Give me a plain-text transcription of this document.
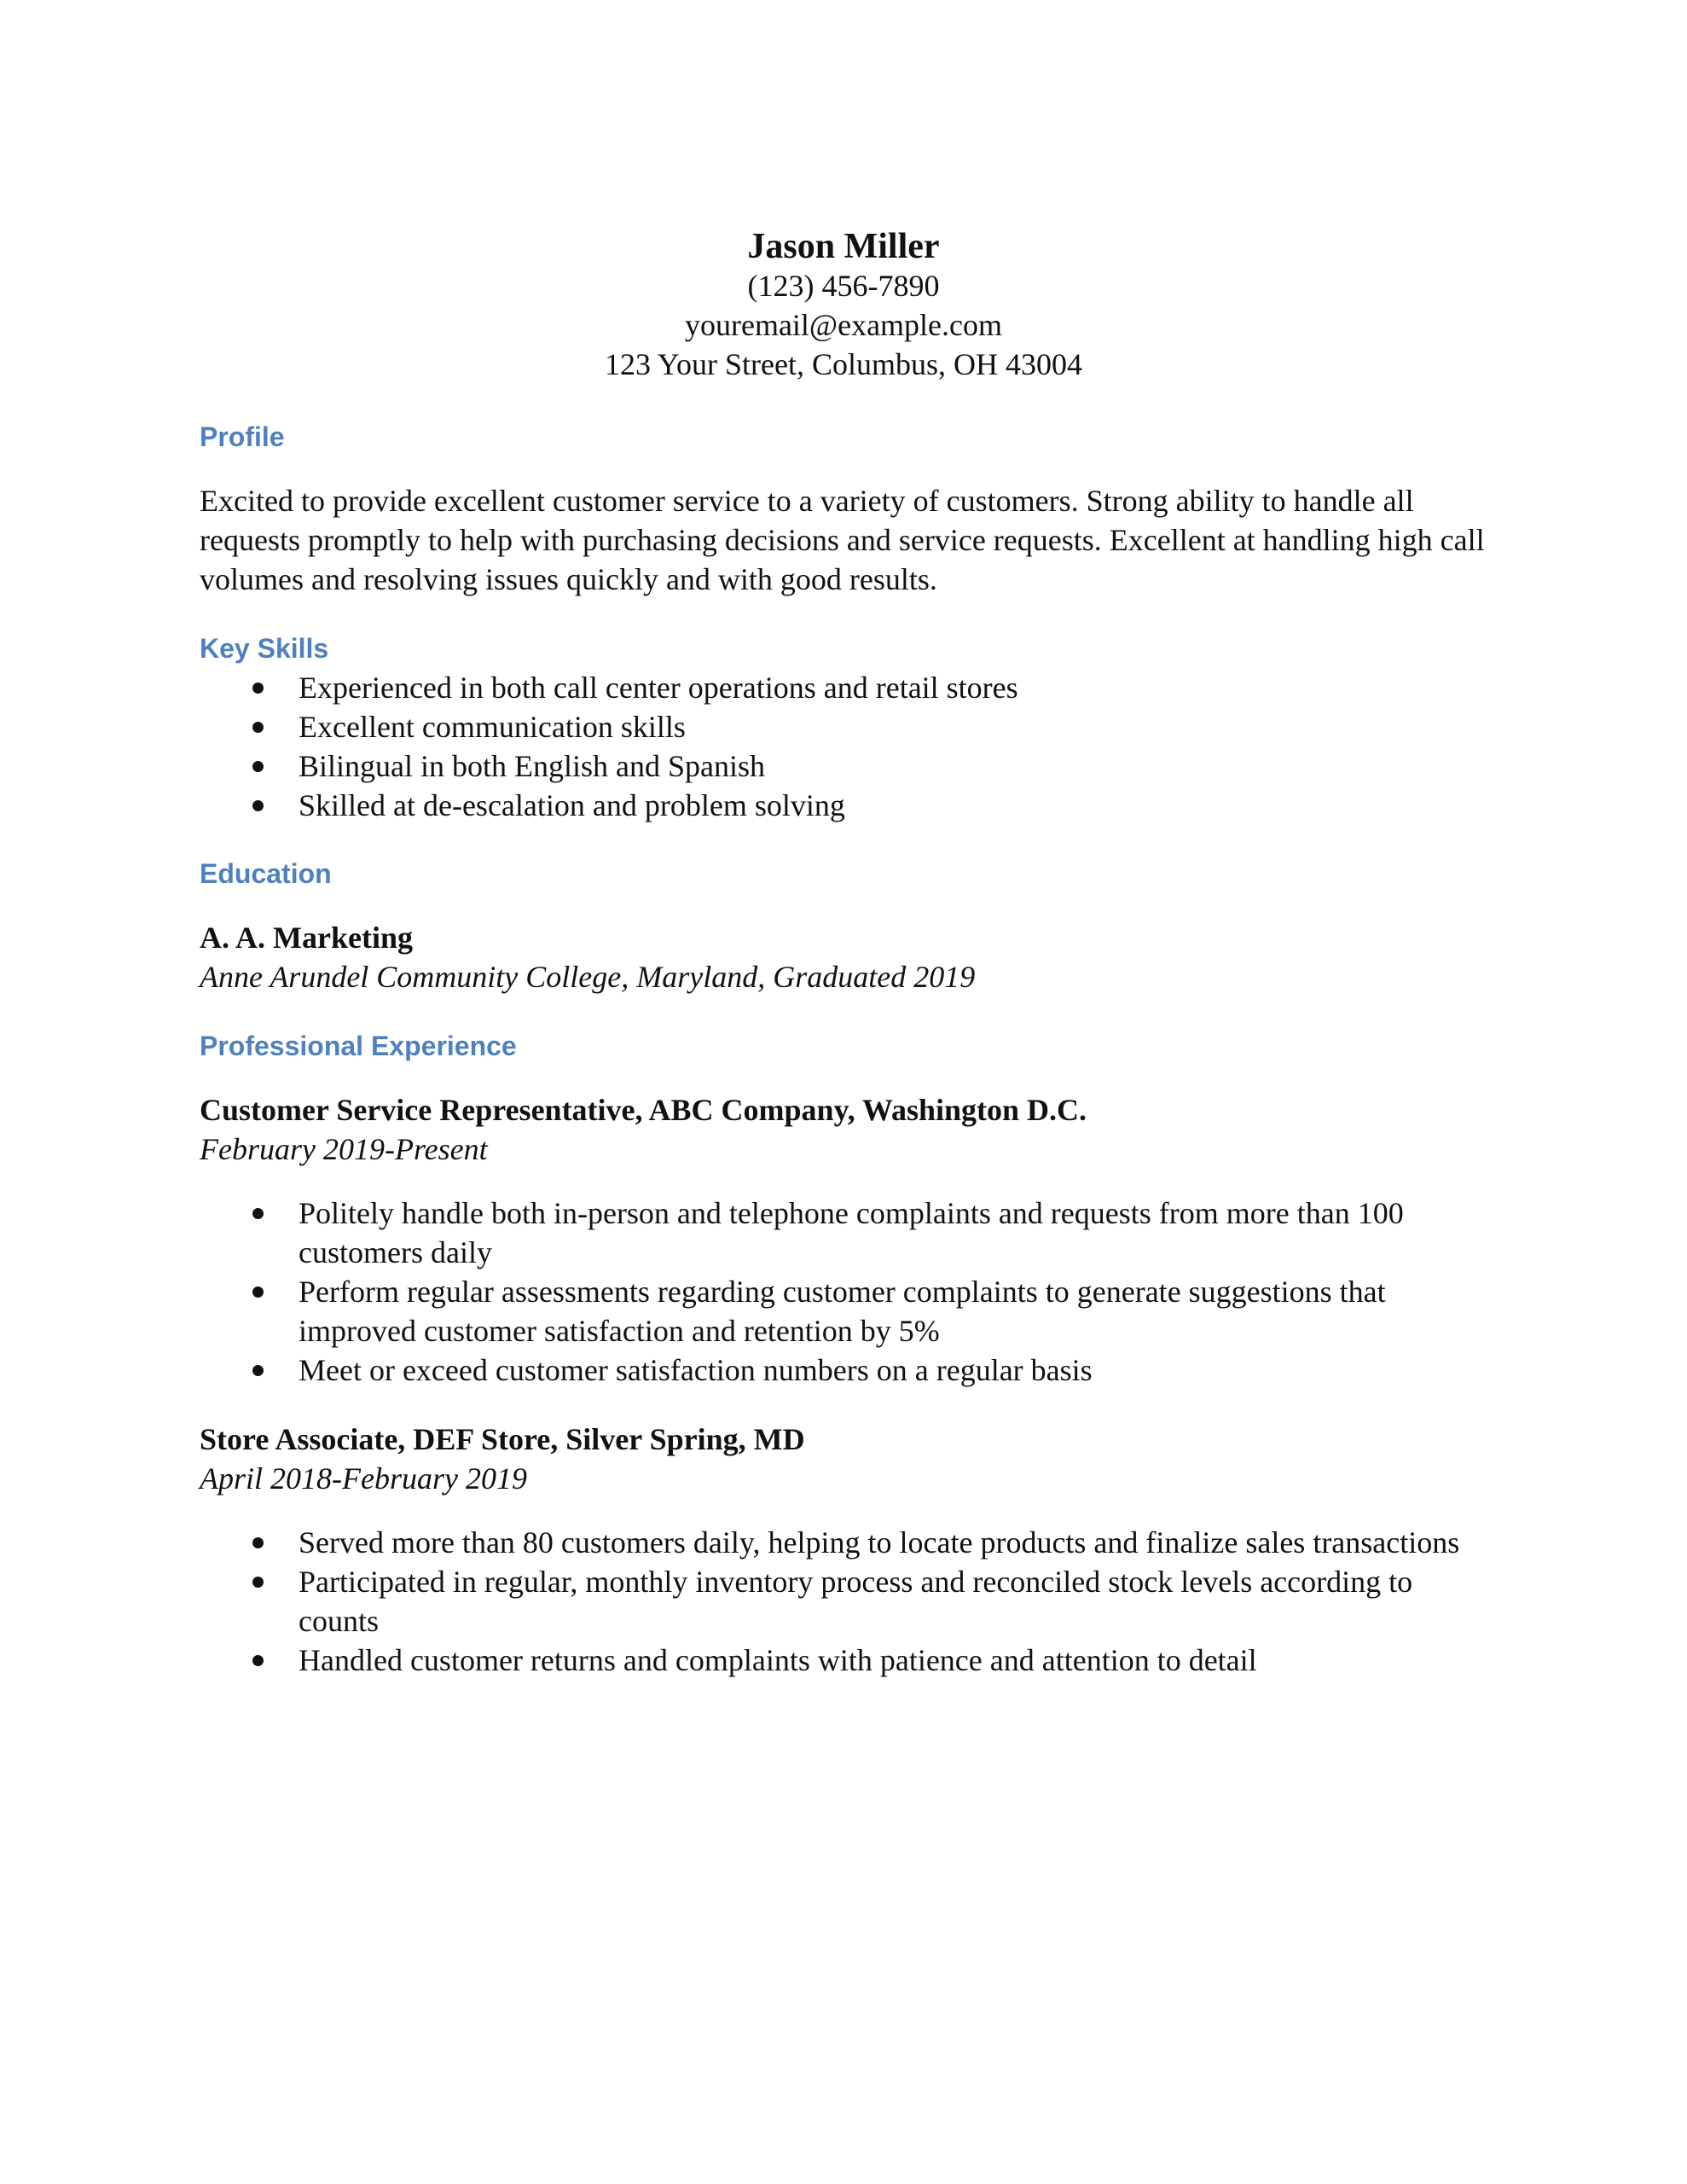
Jason Miller
(123) 456-7890
youremail@example.com
123 Your Street, Columbus, OH 43004
Profile
Excited to provide excellent customer service to a variety of customers. Strong ability to handle all requests promptly to help with purchasing decisions and service requests. Excellent at handling high call volumes and resolving issues quickly and with good results.
Key Skills
Experienced in both call center operations and retail stores
Excellent communication skills
Bilingual in both English and Spanish
Skilled at de-escalation and problem solving
Education
A. A. Marketing
Anne Arundel Community College, Maryland, Graduated 2019
Professional Experience
Customer Service Representative, ABC Company, Washington D.C.
February 2019-Present
Politely handle both in-person and telephone complaints and requests from more than 100 customers daily
Perform regular assessments regarding customer complaints to generate suggestions that improved customer satisfaction and retention by 5%
Meet or exceed customer satisfaction numbers on a regular basis
Store Associate, DEF Store, Silver Spring, MD
April 2018-February 2019
Served more than 80 customers daily, helping to locate products and finalize sales transactions
Participated in regular, monthly inventory process and reconciled stock levels according to counts
Handled customer returns and complaints with patience and attention to detail
